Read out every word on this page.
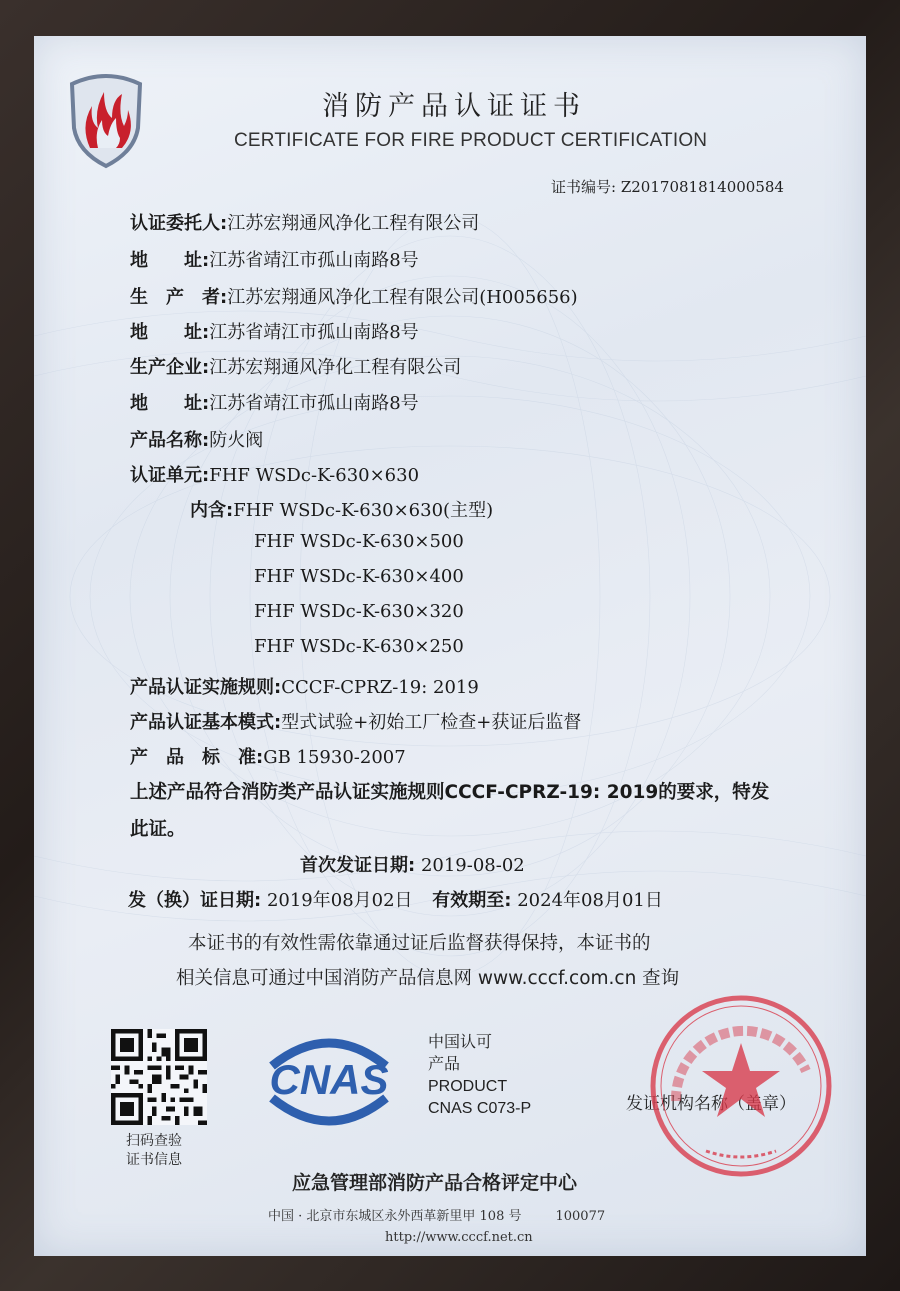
消防产品认证证书
CERTIFICATE FOR FIRE PRODUCT CERTIFICATION
证书编号: Z2017081814000584
认证委托人:江苏宏翔通风净化工程有限公司
地　　址:江苏省靖江市孤山南路8号
生　产　者:江苏宏翔通风净化工程有限公司(H005656)
地　　址:江苏省靖江市孤山南路8号
生产企业:江苏宏翔通风净化工程有限公司
地　　址:江苏省靖江市孤山南路8号
产品名称:防火阀
认证单元:FHF WSDc-K-630×630
内含:FHF WSDc-K-630×630(主型)
FHF WSDc-K-630×500
FHF WSDc-K-630×400
FHF WSDc-K-630×320
FHF WSDc-K-630×250
产品认证实施规则:CCCF-CPRZ-19: 2019
产品认证基本模式:型式试验+初始工厂检查+获证后监督
产　品　标　准:GB 15930-2007
上述产品符合消防类产品认证实施规则CCCF-CPRZ-19: 2019的要求，特发
此证。
首次发证日期: 2019-08-02
发（换）证日期: 2019年08月02日 有效期至: 2024年08月01日
本证书的有效性需依靠通过证后监督获得保持，本证书的
相关信息可通过中国消防产品信息网 www.cccf.com.cn 查询
扫码查验
证书信息
CNAS
中国认可
产品
PRODUCT
CNAS C073-P	发证机构名称（盖章）
应急管理部消防产品合格评定中心
中国 · 北京市东城区永外西革新里甲 108 号	100077
http://www.cccf.net.cn
